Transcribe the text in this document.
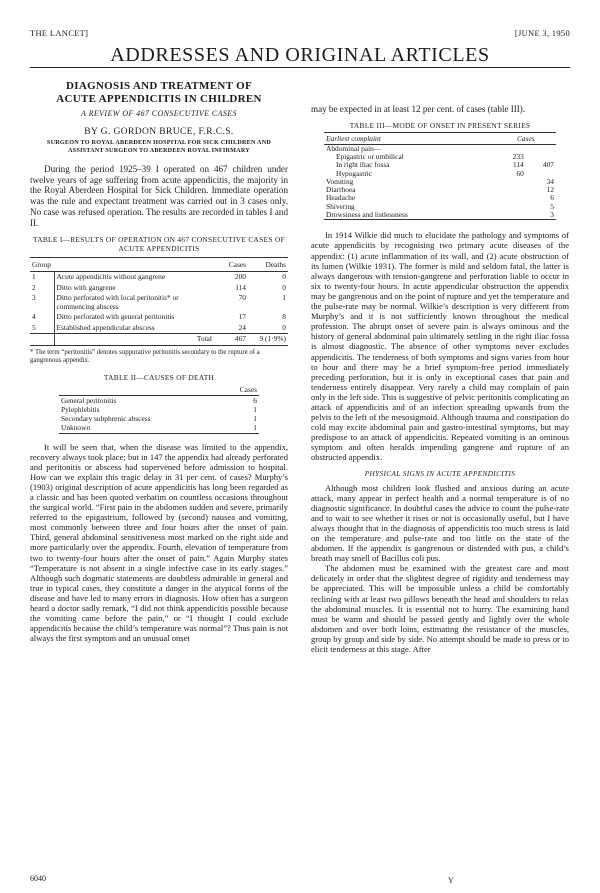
THE LANCET]	[JUNE 3, 1950
ADDRESSES AND ORIGINAL ARTICLES
DIAGNOSIS AND TREATMENT OF
ACUTE APPENDICITIS IN CHILDREN
A REVIEW OF 467 CONSECUTIVE CASES
BY G. GORDON BRUCE, F.R.C.S.
SURGEON TO ROYAL ABERDEEN HOSPITAL FOR SICK CHILDREN AND ASSISTANT SURGEON TO ABERDEEN ROYAL INFIRMARY

During the period 1925–39 I operated on 467 children under twelve years of age suffering from acute appendicitis, the majority in the Royal Aberdeen Hospital for Sick Children. Immediate operation was the rule and expectant treatment was carried out in 3 cases only. No case was refused operation. The results are recorded in tables I and II.

TABLE I—RESULTS OF OPERATION ON 467 CONSECUTIVE CASES OF ACUTE APPENDICITIS
Group		Cases	Deaths
1	Acute appendicitis without gangrene	200	0
2	Ditto with gangrene	114	0
3	Ditto perforated with local peritonitis* or commencing abscess	70	1
4	Ditto perforated with general peritonitis	17	8
5	Established appendicular abscess	24	0
	Total	467	9 (1·9%)
* The term “peritonitis” denotes suppurative peritonitis secondary to the rupture of a gangrenous appendix.
TABLE II—CAUSES OF DEATH
	Cases
General peritonitis	6
Pylephlebitis	1
Secondary subphrenic abscess	1
Unknown	1

It will be seen that, when the disease was limited to the appendix, recovery always took place; but in 147 the appendix had already perforated and peritonitis or abscess had supervened before admission to hospital. How can we explain this tragic delay in 31 per cent. of cases? Murphy’s (1903) original description of acute appendicitis has long been regarded as a classic and has been quoted verbatim on countless occasions throughout the surgical world. “First pain in the abdomen sudden and severe, primarily referred to the epigastrium, followed by (second) nausea and vomiting, most commonly between three and four hours after the onset of pain. Third, general abdominal sensitiveness most marked on the right side and more particularly over the appendix. Fourth, elevation of temperature from two to twenty-four hours after the onset of pain.” Again Murphy states “Temperature is not absent in a single infective case in its early stages.” Although such dogmatic statements are doubtless admirable in general and true in typical cases, they constitute a danger in the atypical forms of the disease and have led to many errors in diagnosis. How often has a surgeon heard a doctor sadly remark, “I did not think appendicitis possible because the vomiting came before the pain,” or “I thought I could exclude appendicitis because the child’s temperature was normal”? Thus pain is not always the first symptom and an unusual onset

may be expected in at least 12 per cent. of cases (table III).

TABLE III—MODE OF ONSET IN PRESENT SERIES
Earliest complaint	Cases	
Abdominal pain—		
Epigastric or umbilical	233	
In right iliac fossa	114	407
Hypogastric	60	
Vomiting		34
Diarrhoea		12
Headache		6
Shivering		5
Drowsiness and listlessness		3

In 1914 Wilkie did much to elucidate the pathology and symptoms of acute appendicitis by recognising two primary acute diseases of the appendix: (1) acute inflammation of its wall, and (2) acute obstruction of its lumen (Wilkie 1931). The former is mild and seldom fatal, the latter is always dangerous with tension-gangrene and perforation liable to occur in six to twenty-four hours. In acute appendicular obstruction the appendix may be gangrenous and on the point of rupture and yet the temperature and the pulse-rate may be normal. Wilkie’s description is very different from Murphy’s and it is not sufficiently known throughout the medical profession. The abrupt onset of severe pain is always ominous and the history of general abdominal pain ultimately settling in the right iliac fossa is almost diagnostic. The absence of other symptoms never excludes appendicitis. The tenderness of both symptoms and signs varies from hour to hour and there may be a brief symptom-free period immediately preceding perforation, but it is only in exceptional cases that pain and tenderness entirely disappear. Very rarely a child may complain of pain only in the left side. This is suggestive of pelvic peritonitis complicating an attack of appendicitis and of an infection spreading upwards from the pelvis to the left of the mesosigmoid. Although trauma and constipation do cold may excite abdominal pain and gastro-intestinal symptoms, but may predispose to an attack of appendicitis. Repeated vomiting is an ominous symptom and often heralds impending gangrene and rupture of an obstructed appendix.

PHYSICAL SIGNS IN ACUTE APPENDICITIS

Although most children look flushed and anxious during an acute attack, many appear in perfect health and a normal temperature is of no diagnostic significance. In doubtful cases the advice to count the pulse-rate and to wait to see whether it rises or not is occasionally useful, but I have always thought that in the diagnosis of appendicitis too much stress is laid on the temperature and pulse-rate and too little on the state of the abdomen. If the appendix is gangrenous or distended with pus, a child’s breath may smell of Bacillus coli pus.

The abdomen must be examined with the greatest care and most delicately in order that the slightest degree of rigidity and tenderness may be appreciated. This will be impossible unless a child be comfortably reclining with at least two pillows beneath the head and shoulders to relax the abdominal muscles. It is essential not to hurry. The examining hand must be warm and should be passed gently and lightly over the whole abdomen and over both loins, estimating the resistance of the muscles, group by group and side by side. No attempt should be made to press or to elicit tenderness at this stage. After

6040	Y
